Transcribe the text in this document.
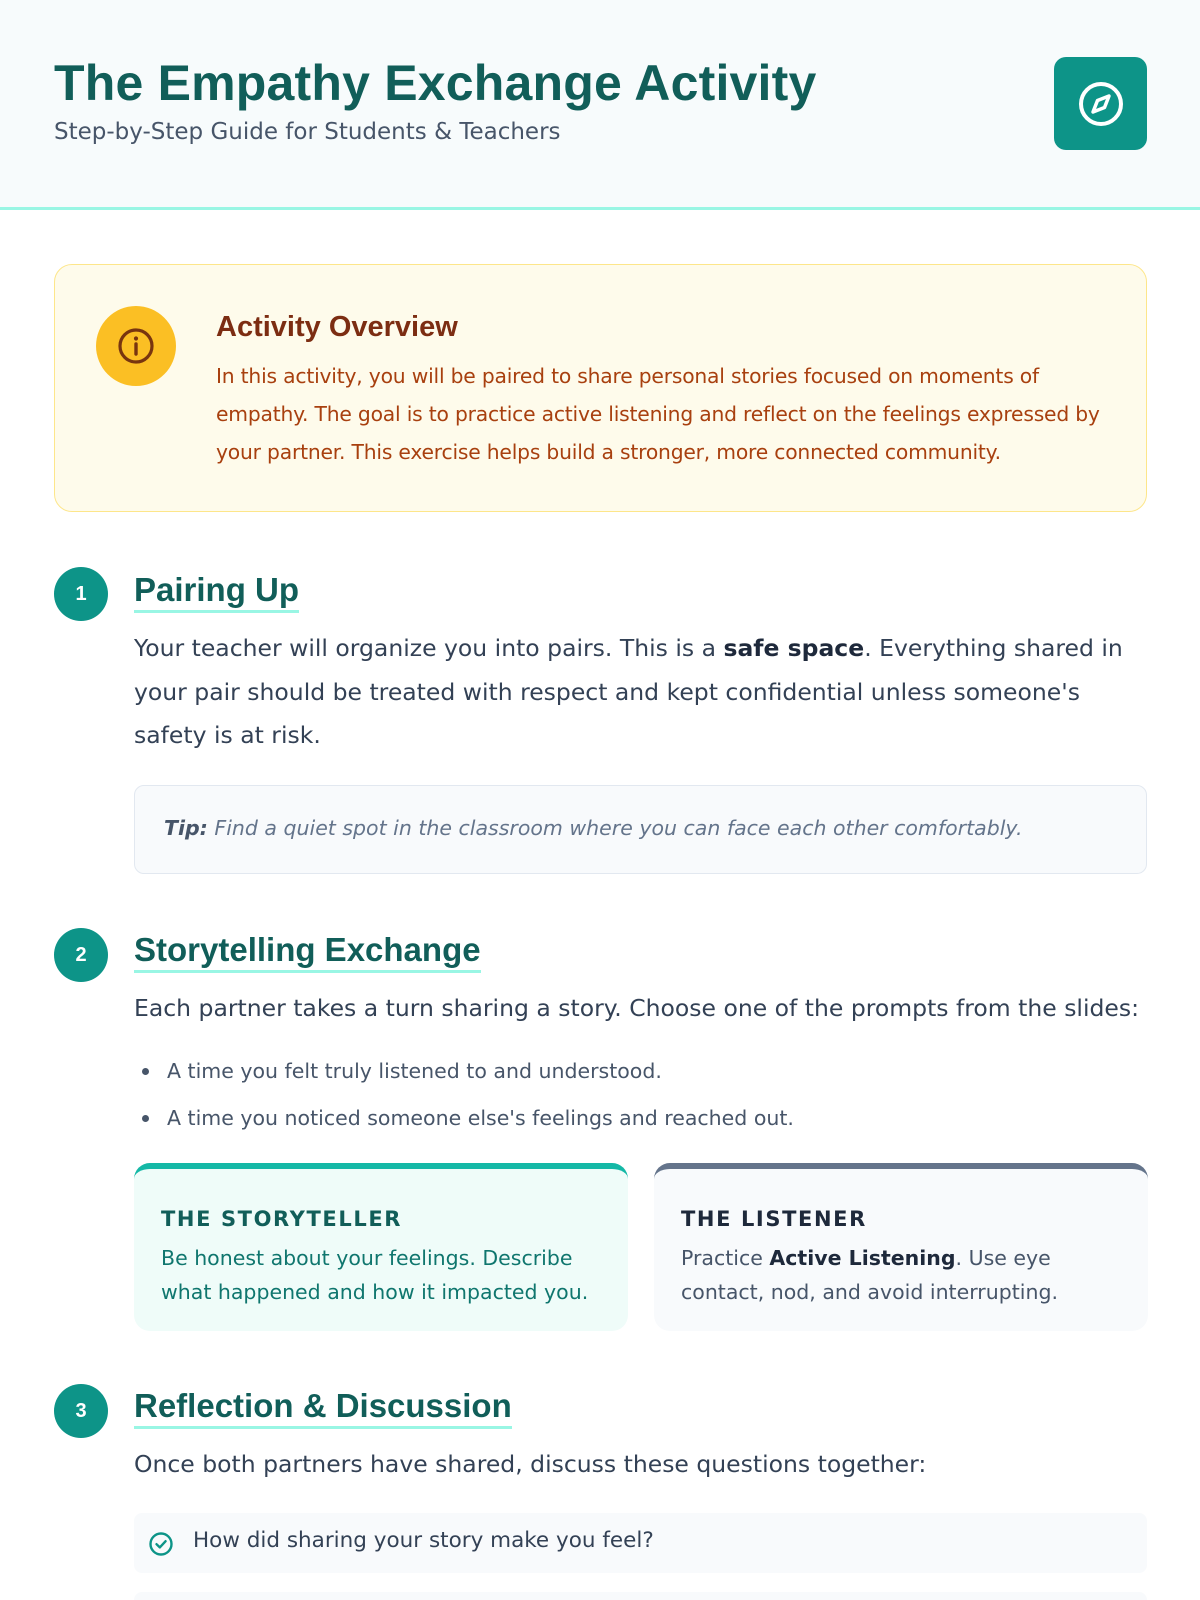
The Empathy Exchange Activity
Step-by-Step Guide for Students & Teachers
Activity Overview
In this activity, you will be paired to share personal stories focused on moments of empathy. The goal is to practice active listening and reflect on the feelings expressed by your partner. This exercise helps build a stronger, more connected community.
1	Pairing Up
Your teacher will organize you into pairs. This is a safe space. Everything shared in your pair should be treated with respect and kept confidential unless someone's safety is at risk.
Tip: Find a quiet spot in the classroom where you can face each other comfortably.
2	Storytelling Exchange
Each partner takes a turn sharing a story. Choose one of the prompts from the slides:
A time you felt truly listened to and understood.
A time you noticed someone else's feelings and reached out.
THE STORYTELLER
Be honest about your feelings. Describe what happened and how it impacted you.
THE LISTENER
Practice Active Listening. Use eye contact, nod, and avoid interrupting.
3	Reflection & Discussion
Once both partners have shared, discuss these questions together:
How did sharing your story make you feel?
